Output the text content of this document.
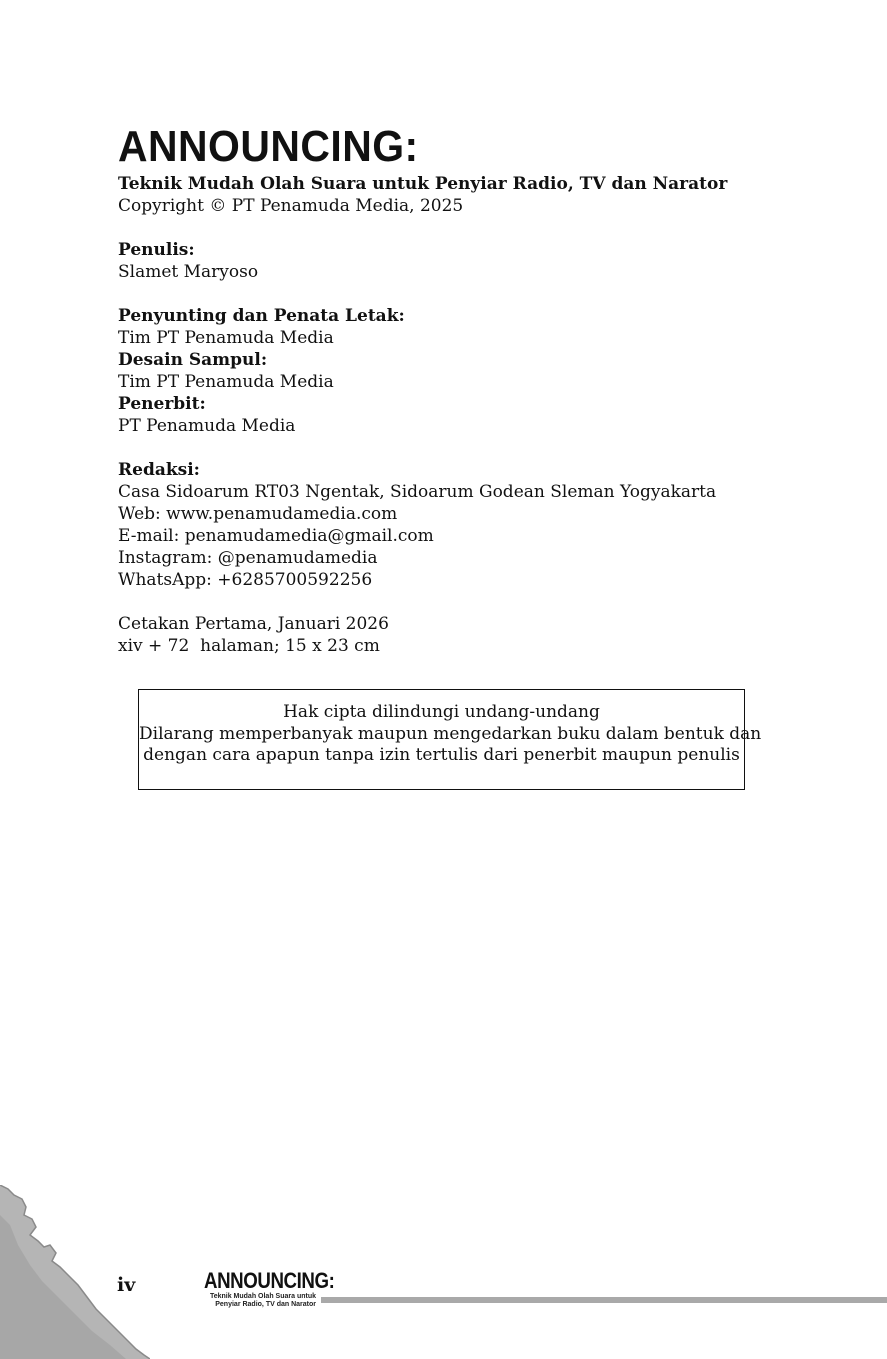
ANNOUNCING:
Teknik Mudah Olah Suara untuk Penyiar Radio, TV dan Narator
Copyright © PT Penamuda Media, 2025
Penulis:
Slamet Maryoso
Penyunting dan Penata Letak:
Tim PT Penamuda Media
Desain Sampul:
Tim PT Penamuda Media
Penerbit:
PT Penamuda Media
Redaksi:
Casa Sidoarum RT03 Ngentak, Sidoarum Godean Sleman Yogyakarta
Web: www.penamudamedia.com
E-mail: penamudamedia@gmail.com
Instagram: @penamudamedia
WhatsApp: +6285700592256
Cetakan Pertama, Januari 2026
xiv + 72  halaman; 15 x 23 cm
Hak cipta dilindungi undang-undang
Dilarang memperbanyak maupun mengedarkan buku dalam bentuk dan
dengan cara apapun tanpa izin tertulis dari penerbit maupun penulis
iv	ANNOUNCING:
Teknik Mudah Olah Suara untuk
Penyiar Radio, TV dan Narator
